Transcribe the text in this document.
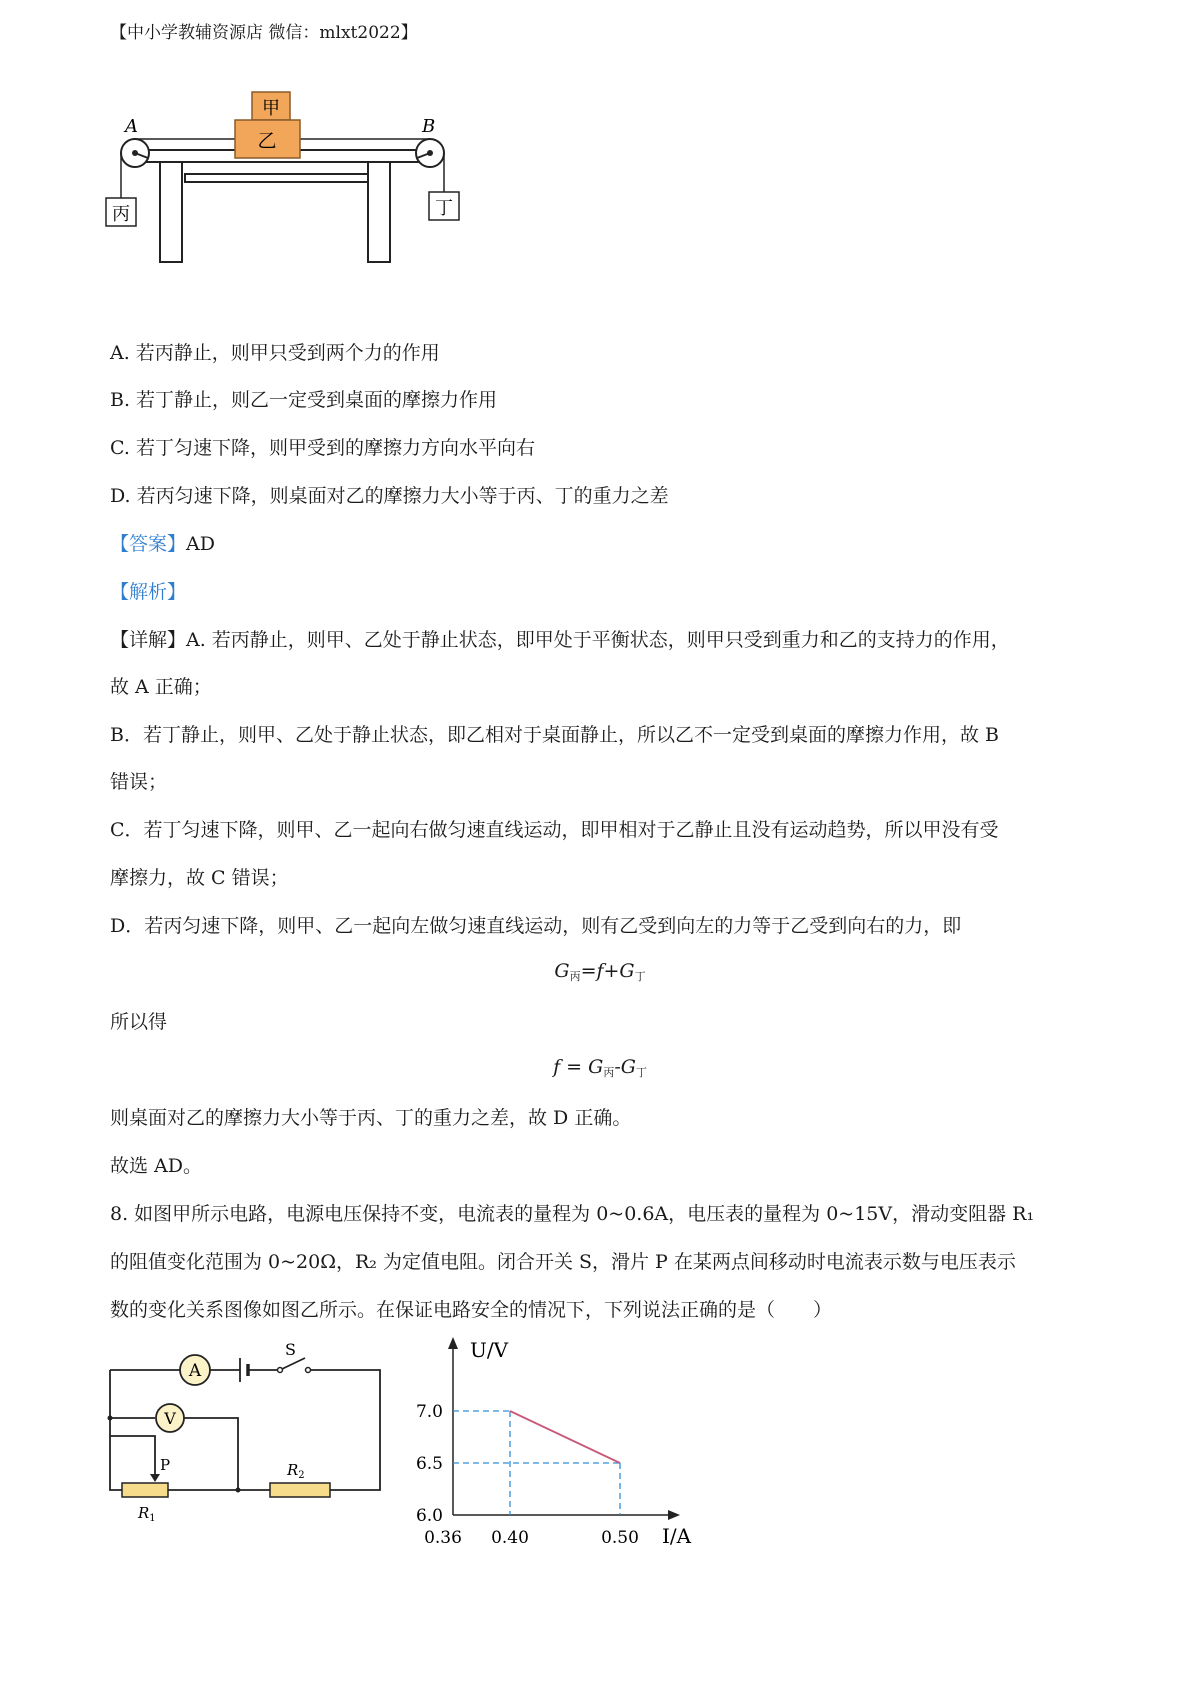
【中小学教辅资源店 微信：mlxt2022】
A	B
甲
乙
丙	丁
A. 若丙静止，则甲只受到两个力的作用
B. 若丁静止，则乙一定受到桌面的摩擦力作用
C. 若丁匀速下降，则甲受到的摩擦力方向水平向右
D. 若丙匀速下降，则桌面对乙的摩擦力大小等于丙、丁的重力之差
【答案】AD
【解析】
【详解】A. 若丙静止，则甲、乙处于静止状态，即甲处于平衡状态，则甲只受到重力和乙的支持力的作用，
故 A 正确；
B．若丁静止，则甲、乙处于静止状态，即乙相对于桌面静止，所以乙不一定受到桌面的摩擦力作用，故 B
错误；
C．若丁匀速下降，则甲、乙一起向右做匀速直线运动，即甲相对于乙静止且没有运动趋势，所以甲没有受
摩擦力，故 C 错误；
D．若丙匀速下降，则甲、乙一起向左做匀速直线运动，则有乙受到向左的力等于乙受到向右的力，即
$G_丙=f+G_丁$
所以得
$f = G_丙-G_丁$
则桌面对乙的摩擦力大小等于丙、丁的重力之差，故 D 正确。
故选 AD。
8. 如图甲所示电路，电源电压保持不变，电流表的量程为 0~0.6A，电压表的量程为 0~15V，滑动变阻器 R₁
的阻值变化范围为 0~20Ω，R₂ 为定值电阻。闭合开关 S，滑片 P 在某两点间移动时电流表示数与电压表示
数的变化关系图像如图乙所示。在保证电路安全的情况下，下列说法正确的是（　　）
S
A
V
P
$R_1$
$R_2$
U/V
I/A
6.0
6.5
7.0
0.36 0.40	0.50
